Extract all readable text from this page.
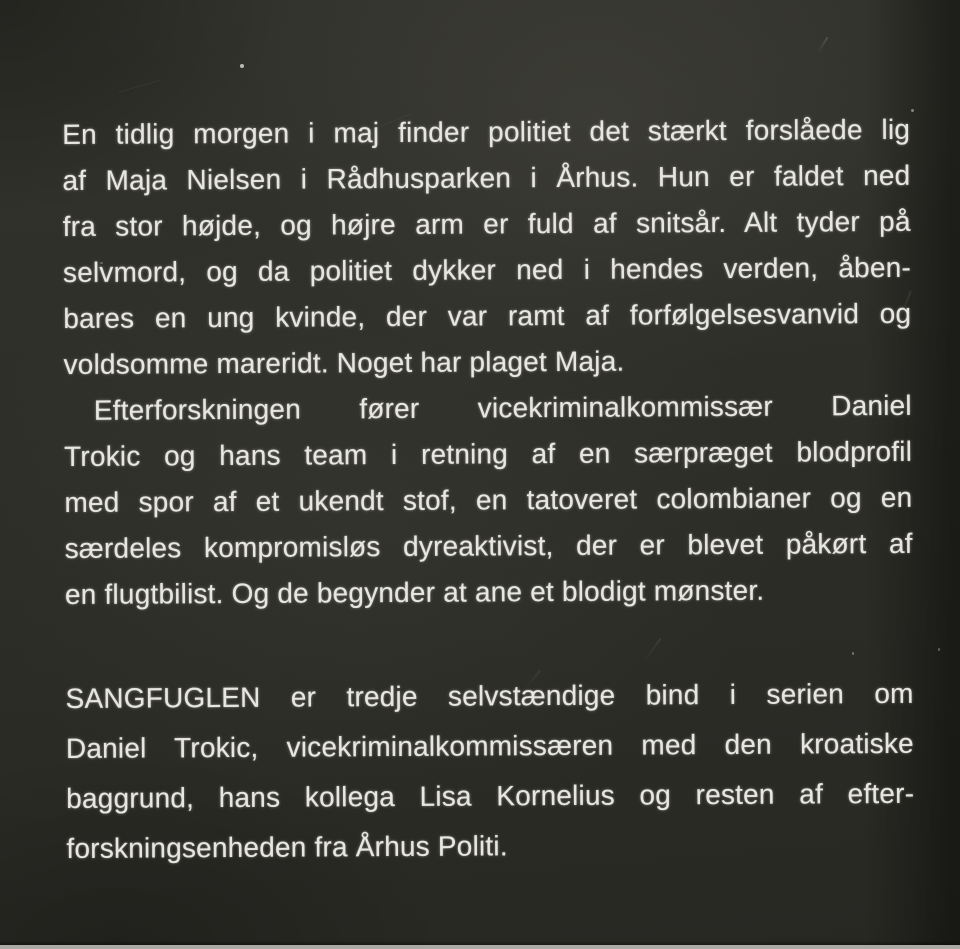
En tidlig morgen i maj finder politiet det stærkt forslåede lig
af Maja Nielsen i Rådhusparken i Århus. Hun er faldet ned
fra stor højde, og højre arm er fuld af snitsår. Alt tyder på
selvmord, og da politiet dykker ned i hendes verden, åben-
bares en ung kvinde, der var ramt af forfølgelsesvanvid og
voldsomme mareridt. Noget har plaget Maja.
Efterforskningen fører vicekriminalkommissær Daniel
Trokic og hans team i retning af en særpræget blodprofil
med spor af et ukendt stof, en tatoveret colombianer og en
særdeles kompromisløs dyreaktivist, der er blevet påkørt af
en flugtbilist. Og de begynder at ane et blodigt mønster.
SANGFUGLEN er tredje selvstændige bind i serien om
Daniel Trokic, vicekriminalkommissæren med den kroatiske
baggrund, hans kollega Lisa Kornelius og resten af efter-
forskningsenheden fra Århus Politi.
